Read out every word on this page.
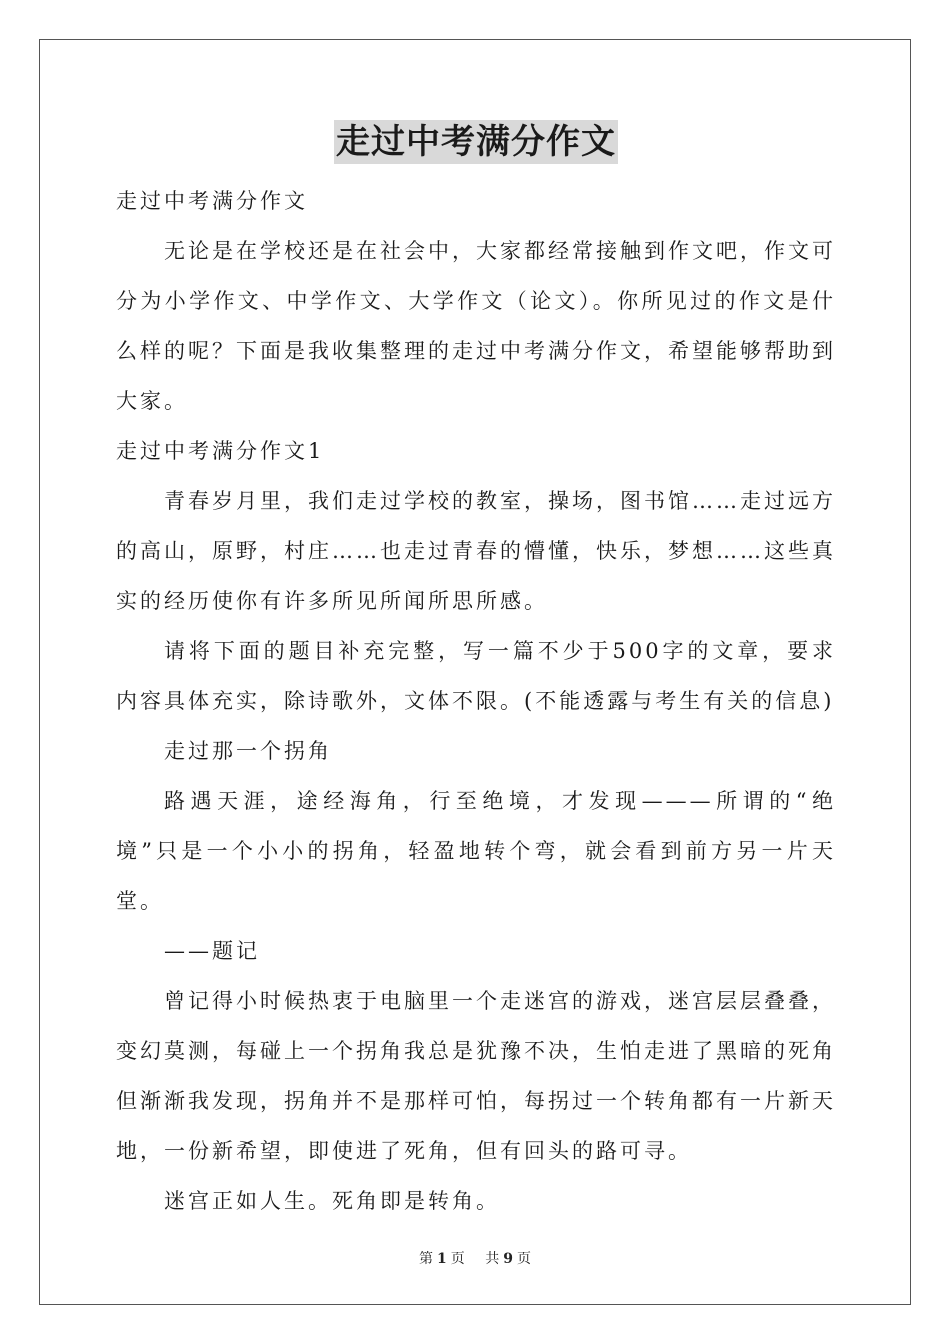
走过中考满分作文

走过中考满分作文

无论是在学校还是在社会中，大家都经常接触到作文吧，作文可分为小学作文、中学作文、大学作文（论文）。你所见过的作文是什么样的呢？下面是我收集整理的走过中考满分作文，希望能够帮助到大家。

走过中考满分作文1

青春岁月里，我们走过学校的教室，操场，图书馆……走过远方的高山，原野，村庄……也走过青春的懵懂，快乐，梦想……这些真实的经历使你有许多所见所闻所思所感。

请将下面的题目补充完整，写一篇不少于500字的文章，要求内容具体充实，除诗歌外，文体不限。(不能透露与考生有关的信息)

走过那一个拐角

路遇天涯，途经海角，行至绝境，才发现———所谓的“绝境”只是一个小小的拐角，轻盈地转个弯，就会看到前方另一片天堂。

——题记

曾记得小时候热衷于电脑里一个走迷宫的游戏，迷宫层层叠叠，变幻莫测，每碰上一个拐角我总是犹豫不决，生怕走进了黑暗的死角但渐渐我发现，拐角并不是那样可怕，每拐过一个转角都有一片新天地，一份新希望，即使进了死角，但有回头的路可寻。

迷宫正如人生。死角即是转角。

第 1 页 共 9 页
